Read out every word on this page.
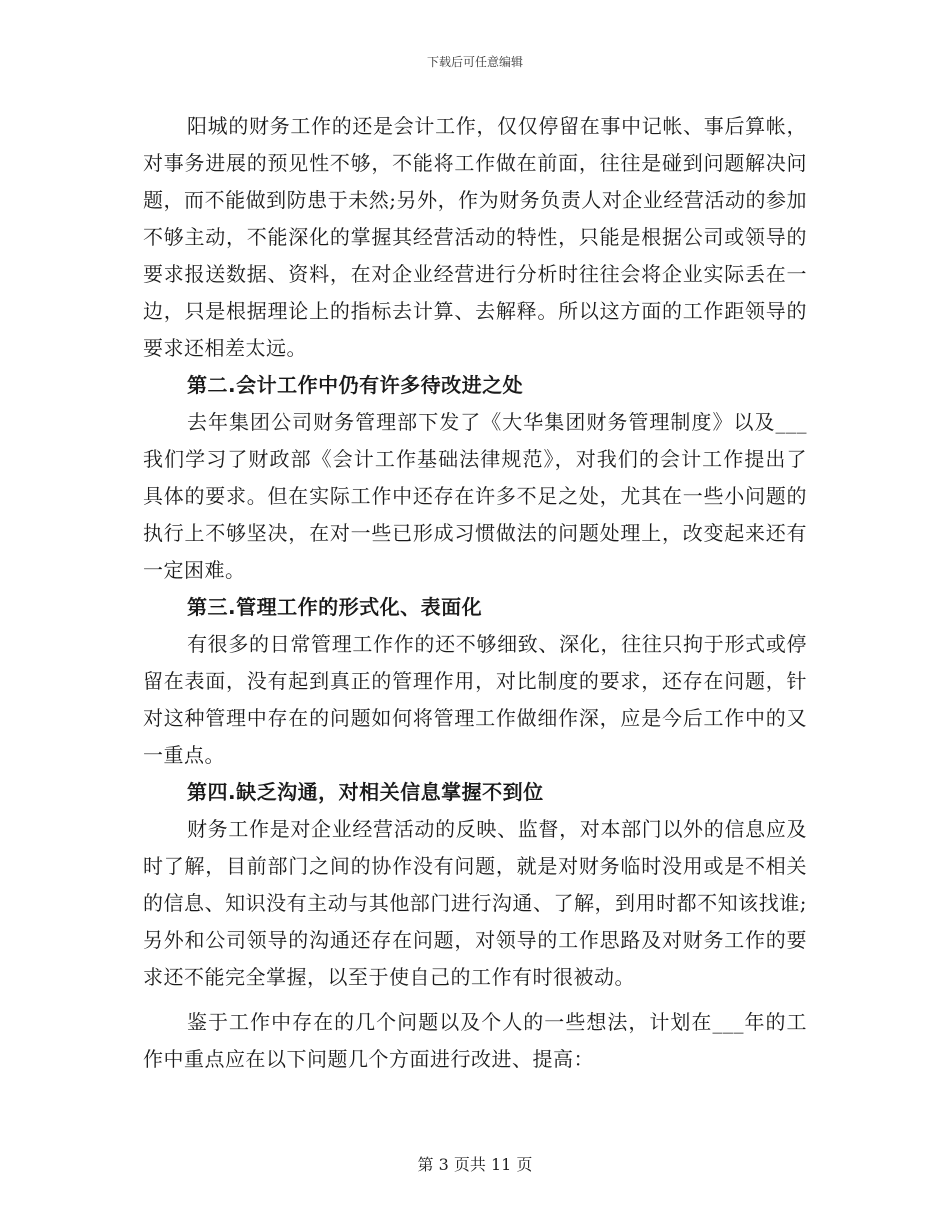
下载后可任意编辑

阳城的财务工作的还是会计工作，仅仅停留在事中记帐、事后算帐，对事务进展的预见性不够，不能将工作做在前面，往往是碰到问题解决问题，而不能做到防患于未然;另外，作为财务负责人对企业经营活动的参加不够主动，不能深化的掌握其经营活动的特性，只能是根据公司或领导的要求报送数据、资料，在对企业经营进行分析时往往会将企业实际丢在一边，只是根据理论上的指标去计算、去解释。所以这方面的工作距领导的要求还相差太远。

第二.会计工作中仍有许多待改进之处

去年集团公司财务管理部下发了《大华集团财务管理制度》以及___我们学习了财政部《会计工作基础法律规范》，对我们的会计工作提出了具体的要求。但在实际工作中还存在许多不足之处，尤其在一些小问题的执行上不够坚决，在对一些已形成习惯做法的问题处理上，改变起来还有一定困难。

第三.管理工作的形式化、表面化

有很多的日常管理工作作的还不够细致、深化，往往只拘于形式或停留在表面，没有起到真正的管理作用，对比制度的要求，还存在问题，针对这种管理中存在的问题如何将管理工作做细作深，应是今后工作中的又一重点。

第四.缺乏沟通，对相关信息掌握不到位

财务工作是对企业经营活动的反映、监督，对本部门以外的信息应及时了解，目前部门之间的协作没有问题，就是对财务临时没用或是不相关的信息、知识没有主动与其他部门进行沟通、了解，到用时都不知该找谁;另外和公司领导的沟通还存在问题，对领导的工作思路及对财务工作的要求还不能完全掌握，以至于使自己的工作有时很被动。

鉴于工作中存在的几个问题以及个人的一些想法，计划在___年的工作中重点应在以下问题几个方面进行改进、提高：

第 3 页共 11 页
